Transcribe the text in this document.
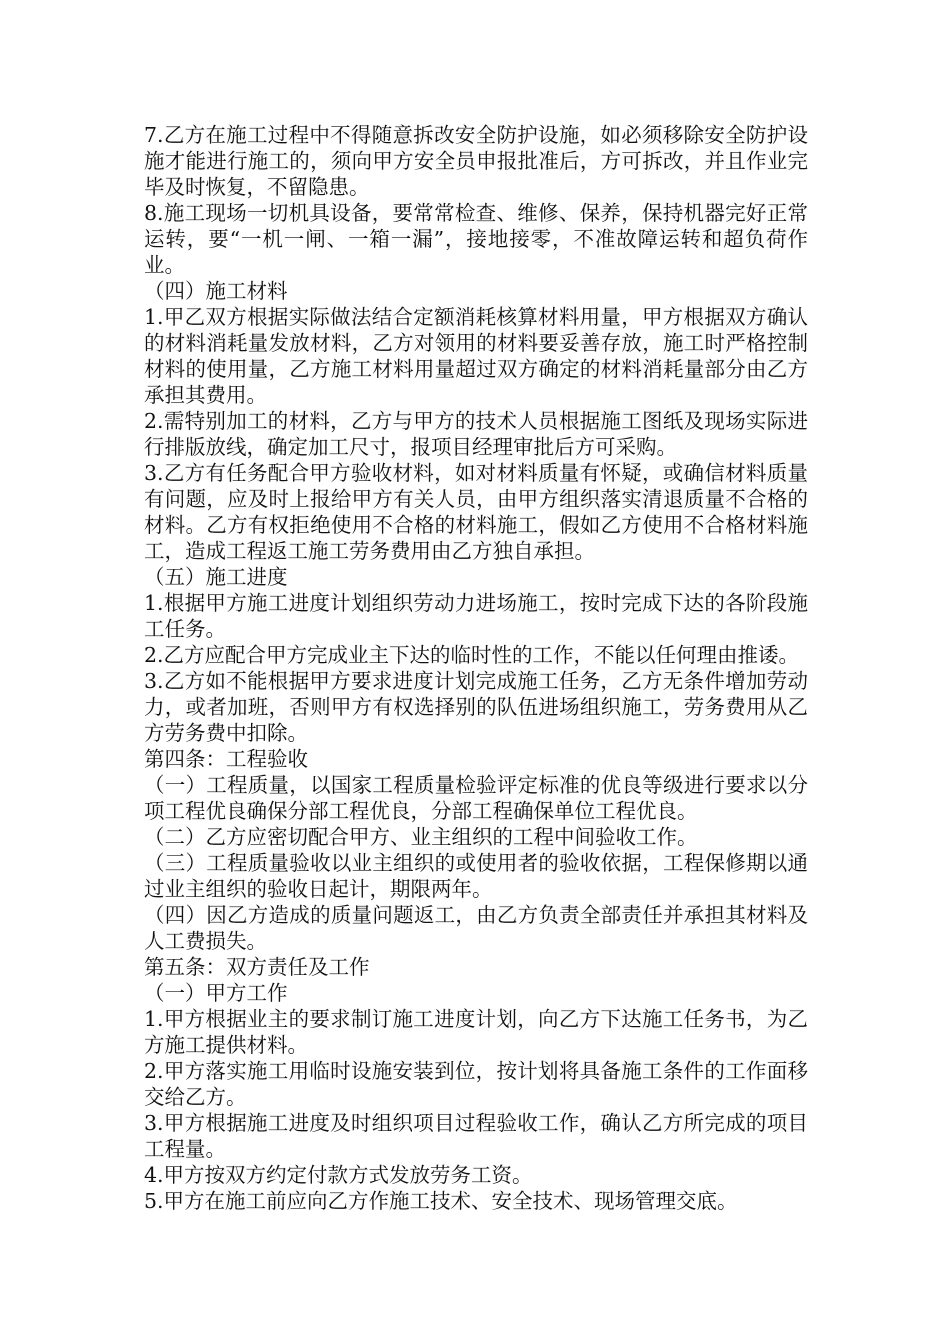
7.乙方在施工过程中不得随意拆改安全防护设施，如必须移除安全防护设施才能进行施工的，须向甲方安全员申报批准后，方可拆改，并且作业完毕及时恢复，不留隐患。

8.施工现场一切机具设备，要常常检查、维修、保养，保持机器完好正常运转，要“一机一闸、一箱一漏”，接地接零，不准故障运转和超负荷作业。

（四）施工材料

1.甲乙双方根据实际做法结合定额消耗核算材料用量，甲方根据双方确认的材料消耗量发放材料，乙方对领用的材料要妥善存放，施工时严格控制材料的使用量，乙方施工材料用量超过双方确定的材料消耗量部分由乙方承担其费用。

2.需特别加工的材料，乙方与甲方的技术人员根据施工图纸及现场实际进行排版放线，确定加工尺寸，报项目经理审批后方可采购。

3.乙方有任务配合甲方验收材料，如对材料质量有怀疑，或确信材料质量有问题，应及时上报给甲方有关人员，由甲方组织落实清退质量不合格的材料。乙方有权拒绝使用不合格的材料施工，假如乙方使用不合格材料施工，造成工程返工施工劳务费用由乙方独自承担。

（五）施工进度

1.根据甲方施工进度计划组织劳动力进场施工，按时完成下达的各阶段施工任务。

2.乙方应配合甲方完成业主下达的临时性的工作，不能以任何理由推诿。

3.乙方如不能根据甲方要求进度计划完成施工任务，乙方无条件增加劳动力，或者加班，否则甲方有权选择别的队伍进场组织施工，劳务费用从乙方劳务费中扣除。

第四条：工程验收

（一）工程质量，以国家工程质量检验评定标准的优良等级进行要求以分项工程优良确保分部工程优良，分部工程确保单位工程优良。

（二）乙方应密切配合甲方、业主组织的工程中间验收工作。

（三）工程质量验收以业主组织的或使用者的验收依据，工程保修期以通过业主组织的验收日起计，期限两年。

（四）因乙方造成的质量问题返工，由乙方负责全部责任并承担其材料及人工费损失。

第五条：双方责任及工作

（一）甲方工作

1.甲方根据业主的要求制订施工进度计划，向乙方下达施工任务书，为乙方施工提供材料。

2.甲方落实施工用临时设施安装到位，按计划将具备施工条件的工作面移交给乙方。

3.甲方根据施工进度及时组织项目过程验收工作，确认乙方所完成的项目工程量。

4.甲方按双方约定付款方式发放劳务工资。

5.甲方在施工前应向乙方作施工技术、安全技术、现场管理交底。
